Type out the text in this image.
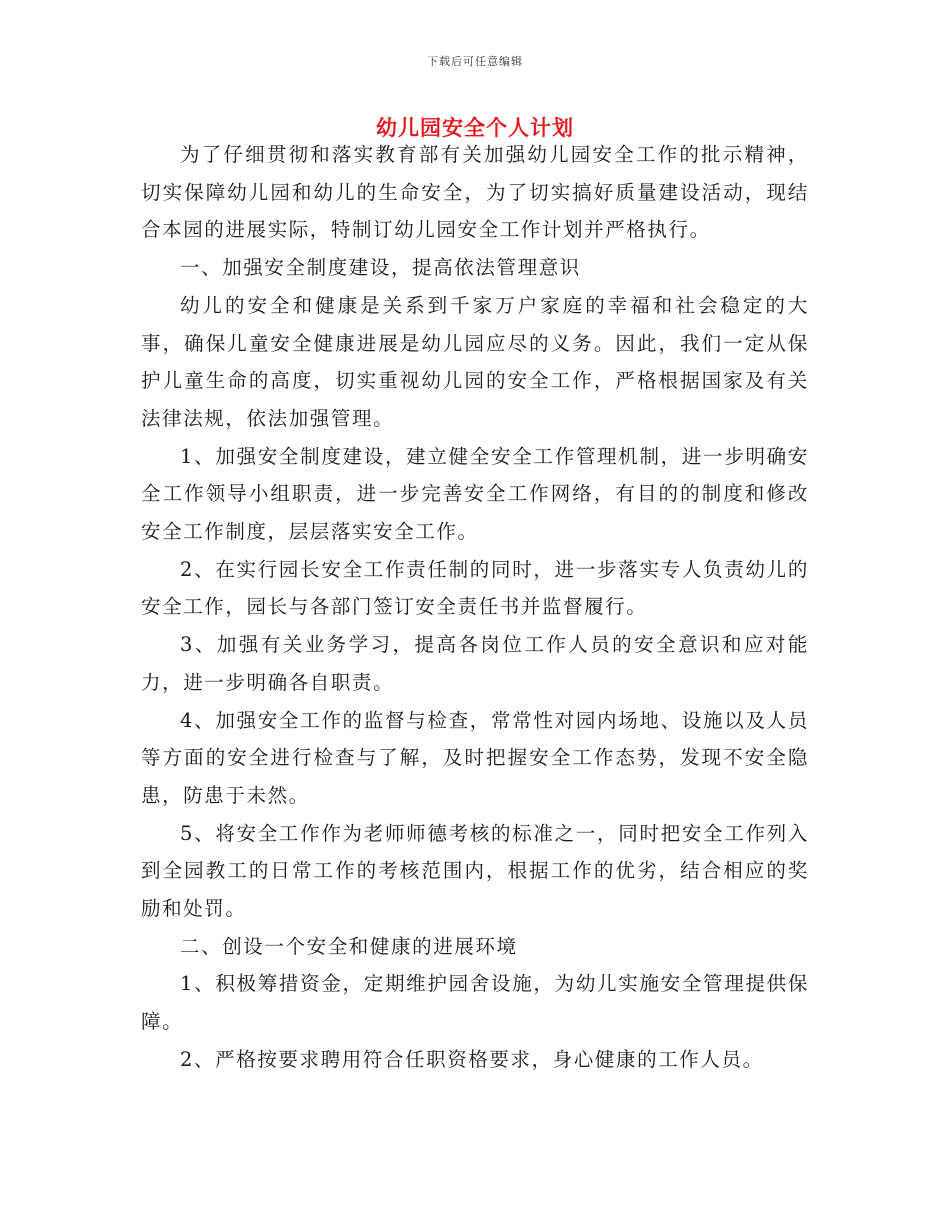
下载后可任意编辑
幼儿园安全个人计划

为了仔细贯彻和落实教育部有关加强幼儿园安全工作的批示精神，切实保障幼儿园和幼儿的生命安全，为了切实搞好质量建设活动，现结合本园的进展实际，特制订幼儿园安全工作计划并严格执行。

一、加强安全制度建设，提高依法管理意识

幼儿的安全和健康是关系到千家万户家庭的幸福和社会稳定的大事，确保儿童安全健康进展是幼儿园应尽的义务。因此，我们一定从保护儿童生命的高度，切实重视幼儿园的安全工作，严格根据国家及有关法律法规，依法加强管理。

1、加强安全制度建设，建立健全安全工作管理机制，进一步明确安全工作领导小组职责，进一步完善安全工作网络，有目的的制度和修改安全工作制度，层层落实安全工作。

2、在实行园长安全工作责任制的同时，进一步落实专人负责幼儿的安全工作，园长与各部门签订安全责任书并监督履行。

3、加强有关业务学习，提高各岗位工作人员的安全意识和应对能力，进一步明确各自职责。

4、加强安全工作的监督与检查，常常性对园内场地、设施以及人员等方面的安全进行检查与了解，及时把握安全工作态势，发现不安全隐患，防患于未然。

5、将安全工作作为老师师德考核的标准之一，同时把安全工作列入到全园教工的日常工作的考核范围内，根据工作的优劣，结合相应的奖励和处罚。

二、创设一个安全和健康的进展环境

1、积极筹措资金，定期维护园舍设施，为幼儿实施安全管理提供保障。

2、严格按要求聘用符合任职资格要求，身心健康的工作人员。
